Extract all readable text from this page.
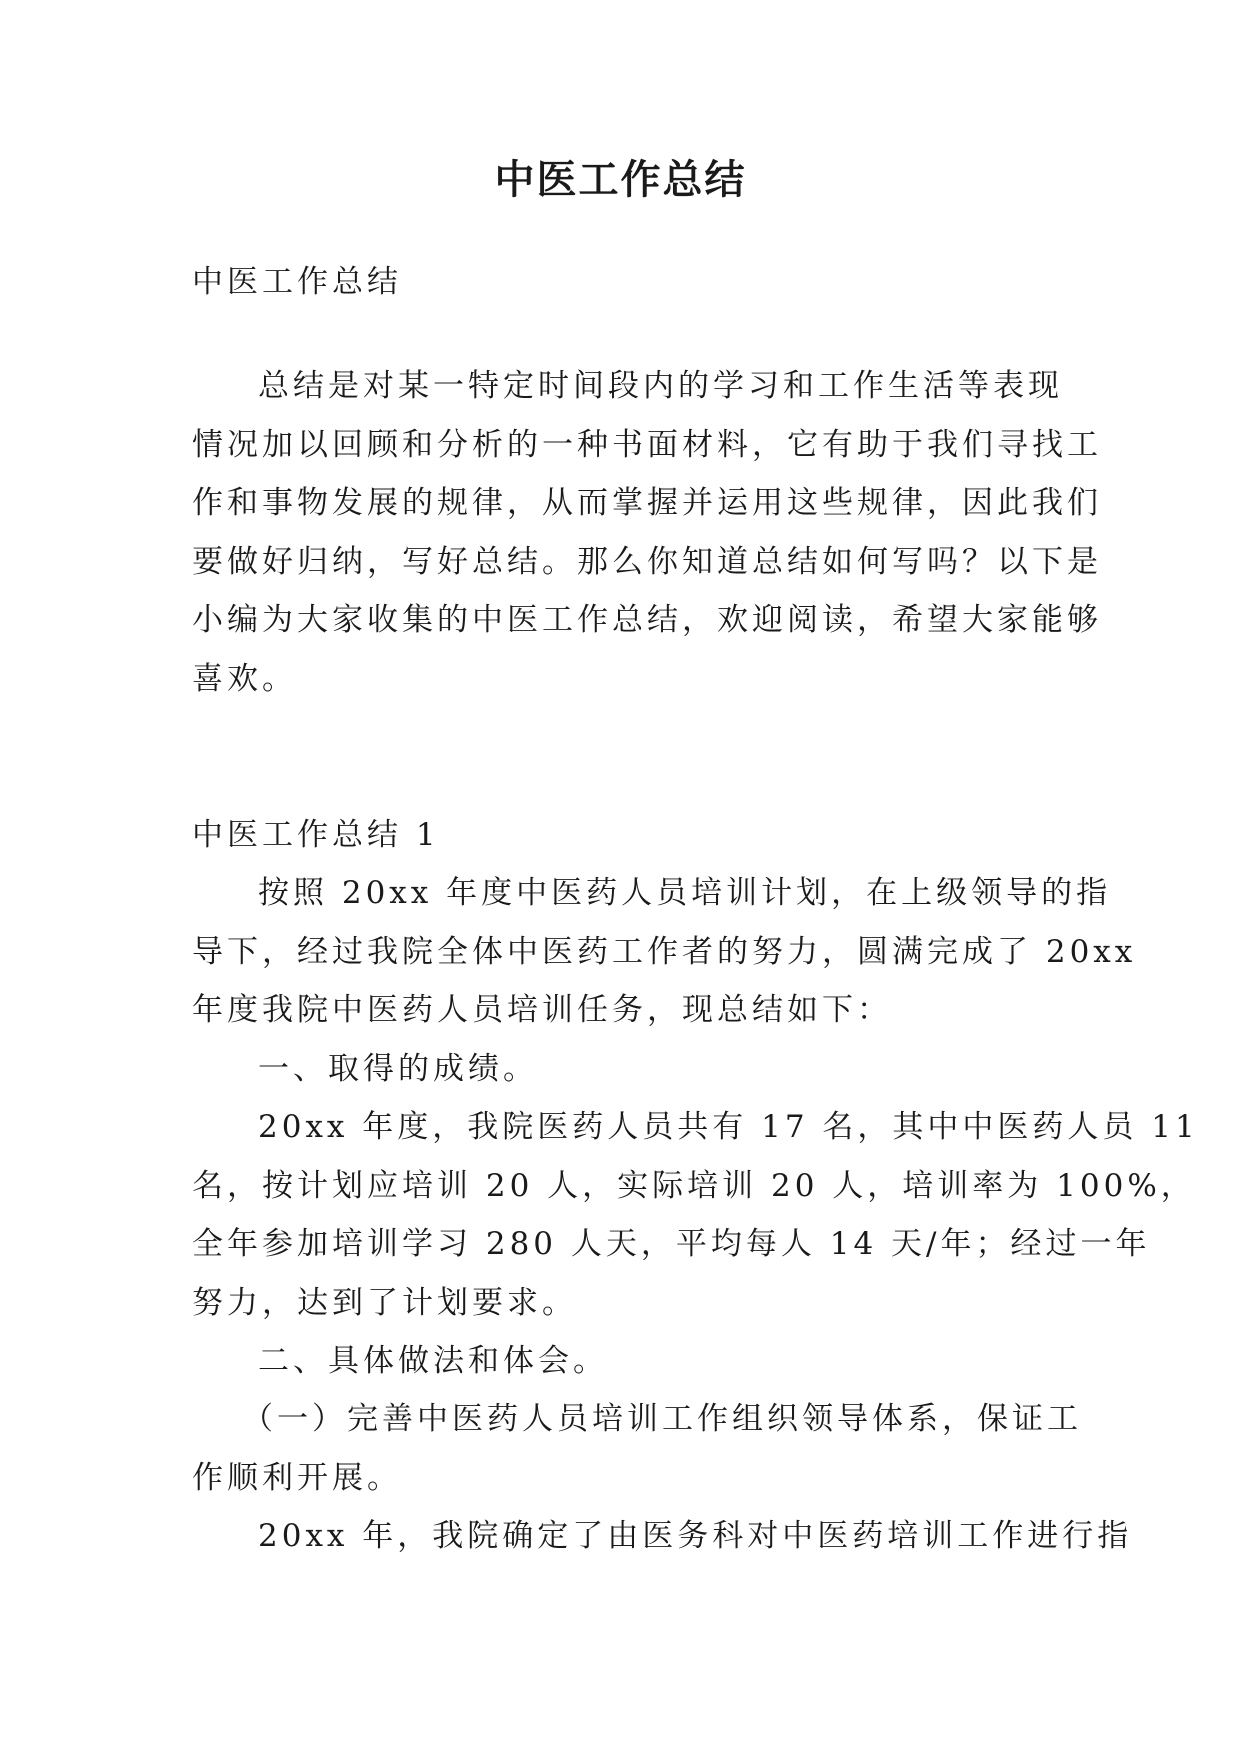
中医工作总结

中医工作总结

总结是对某一特定时间段内的学习和工作生活等表现
情况加以回顾和分析的一种书面材料，它有助于我们寻找工
作和事物发展的规律，从而掌握并运用这些规律，因此我们
要做好归纳，写好总结。那么你知道总结如何写吗？以下是
小编为大家收集的中医工作总结，欢迎阅读，希望大家能够
喜欢。

中医工作总结 1

按照 20xx 年度中医药人员培训计划，在上级领导的指
导下，经过我院全体中医药工作者的努力，圆满完成了 20xx
年度我院中医药人员培训任务，现总结如下：

一、取得的成绩。

20xx 年度，我院医药人员共有 17 名，其中中医药人员 11
名，按计划应培训 20 人，实际培训 20 人，培训率为 100%，
全年参加培训学习 280 人天，平均每人 14 天/年；经过一年
努力，达到了计划要求。

二、具体做法和体会。

（一）完善中医药人员培训工作组织领导体系，保证工
作顺利开展。
20xx 年，我院确定了由医务科对中医药培训工作进行指
